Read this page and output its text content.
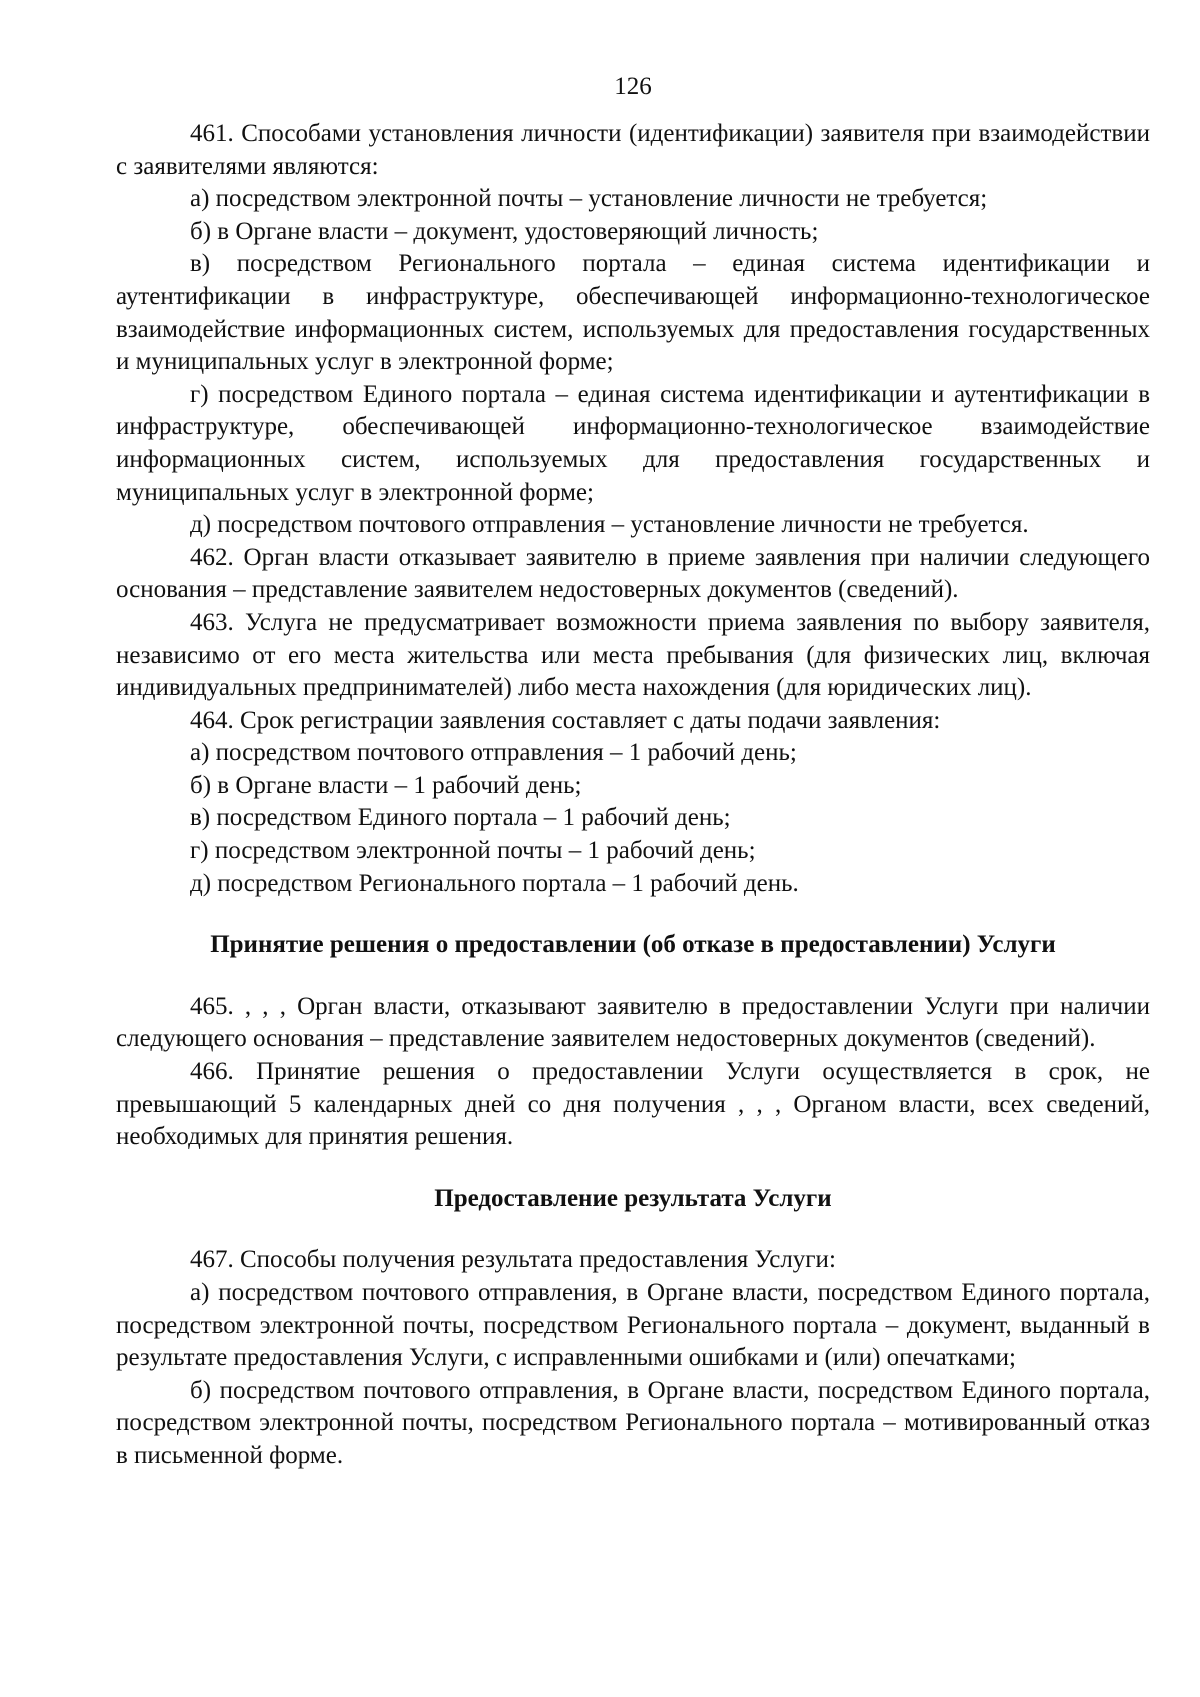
126

461. Способами установления личности (идентификации) заявителя при взаимодействии с заявителями являются:

а) посредством электронной почты – установление личности не требуется;

б) в Органе власти – документ, удостоверяющий личность;

в) посредством Регионального портала – единая система идентификации и аутентификации в инфраструктуре, обеспечивающей информационно-технологическое взаимодействие информационных систем, используемых для предоставления государственных и муниципальных услуг в электронной форме;

г) посредством Единого портала – единая система идентификации и аутентификации в инфраструктуре, обеспечивающей информационно-технологическое взаимодействие информационных систем, используемых для предоставления государственных и муниципальных услуг в электронной форме;

д) посредством почтового отправления – установление личности не требуется.

462. Орган власти отказывает заявителю в приеме заявления при наличии следующего основания – представление заявителем недостоверных документов (сведений).

463. Услуга не предусматривает возможности приема заявления по выбору заявителя, независимо от его места жительства или места пребывания (для физических лиц, включая индивидуальных предпринимателей) либо места нахождения (для юридических лиц).

464. Срок регистрации заявления составляет с даты подачи заявления:

а) посредством почтового отправления – 1 рабочий день;

б) в Органе власти – 1 рабочий день;

в) посредством Единого портала – 1 рабочий день;

г) посредством электронной почты – 1 рабочий день;

д) посредством Регионального портала – 1 рабочий день.

Принятие решения о предоставлении (об отказе в предоставлении) Услуги

465. , , , Орган власти, отказывают заявителю в предоставлении Услуги при наличии следующего основания – представление заявителем недостоверных документов (сведений).

466. Принятие решения о предоставлении Услуги осуществляется в срок, не превышающий 5 календарных дней со дня получения , , , Органом власти, всех сведений, необходимых для принятия решения.

Предоставление результата Услуги

467. Способы получения результата предоставления Услуги:

а) посредством почтового отправления, в Органе власти, посредством Единого портала, посредством электронной почты, посредством Регионального портала – документ, выданный в результате предоставления Услуги, с исправленными ошибками и (или) опечатками;

б) посредством почтового отправления, в Органе власти, посредством Единого портала, посредством электронной почты, посредством Регионального портала – мотивированный отказ в письменной форме.
